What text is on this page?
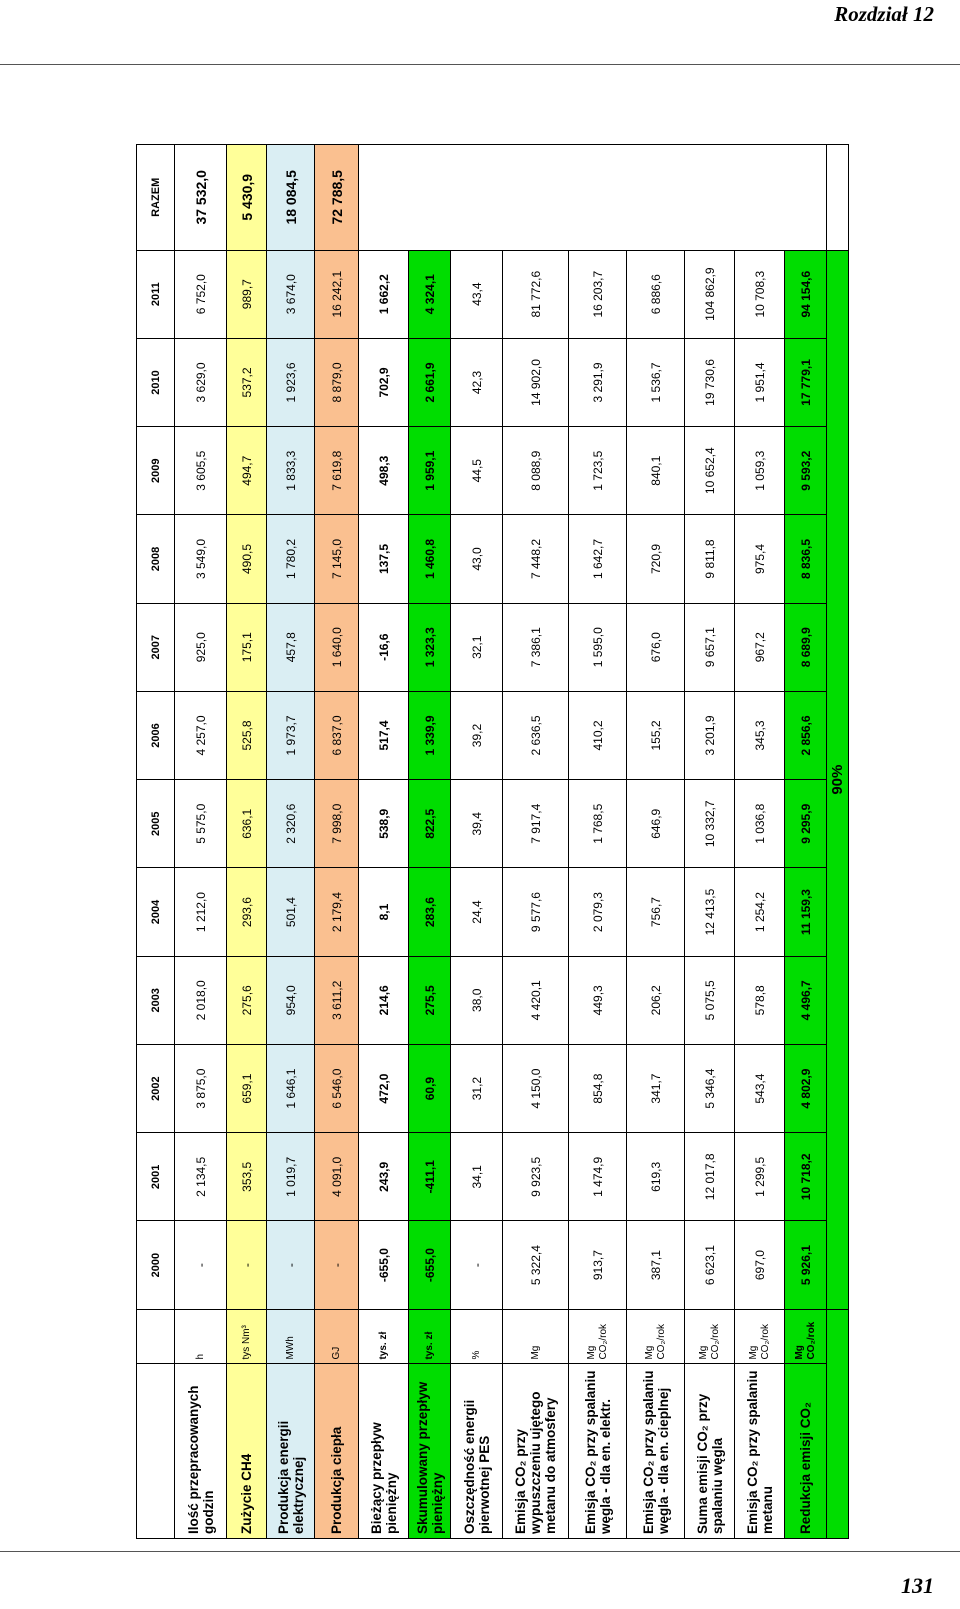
Rozdział 12
		2000	2001	2002	2003	2004	2005	2006	2007	2008	2009	2010	2011	RAZEM
Ilość przepracowanych godzin	h	-	2 134,5	3 875,0	2 018,0	1 212,0	5 575,0	4 257,0	925,0	3 549,0	3 605,5	3 629,0	6 752,0	37 532,0
Zużycie CH4	tys Nm³	-	353,5	659,1	275,6	293,6	636,1	525,8	175,1	490,5	494,7	537,2	989,7	5 430,9
Produkcja energii elektrycznej	MWh	-	1 019,7	1 646,1	954,0	501,4	2 320,6	1 973,7	457,8	1 780,2	1 833,3	1 923,6	3 674,0	18 084,5
Produkcja ciepła	GJ	-	4 091,0	6 546,0	3 611,2	2 179,4	7 998,0	6 837,0	1 640,0	7 145,0	7 619,8	8 879,0	16 242,1	72 788,5
Bieżący przepływ pieniężny	tys. zł	-655,0	243,9	472,0	214,6	8,1	538,9	517,4	-16,6	137,5	498,3	702,9	1 662,2	
Skumulowany przepływ pieniężny	tys. zł	-655,0	-411,1	60,9	275,5	283,6	822,5	1 339,9	1 323,3	1 460,8	1 959,1	2 661,9	4 324,1	
Oszczędność energii pierwotnej PES	%	-	34,1	31,2	38,0	24,4	39,4	39,2	32,1	43,0	44,5	42,3	43,4	
Emisja CO₂ przy wypuszczeniu ujętego metanu do atmosfery	Mg	5 322,4	9 923,5	4 150,0	4 420,1	9 577,6	7 917,4	2 636,5	7 386,1	7 448,2	8 088,9	14 902,0	81 772,6	
Emisja CO₂ przy spalaniu węgla - dla en. elektr.	Mg CO₂/rok	913,7	1 474,9	854,8	449,3	2 079,3	1 768,5	410,2	1 595,0	1 642,7	1 723,5	3 291,9	16 203,7	
Emisja CO₂ przy spalaniu węgla - dla en. cieplnej	Mg CO₂/rok	387,1	619,3	341,7	206,2	756,7	646,9	155,2	676,0	720,9	840,1	1 536,7	6 886,6	
Suma emisji CO₂ przy spalaniu węgla	Mg CO₂/rok	6 623,1	12 017,8	5 346,4	5 075,5	12 413,5	10 332,7	3 201,9	9 657,1	9 811,8	10 652,4	19 730,6	104 862,9	
Emisja CO₂ przy spalaniu metanu	Mg CO₂/rok	697,0	1 299,5	543,4	578,8	1 254,2	1 036,8	345,3	967,2	975,4	1 059,3	1 951,4	10 708,3	
Redukcja emisji CO₂	Mg CO₂/rok	5 926,1	10 718,2	4 802,9	4 496,7	11 159,3	9 295,9	2 856,6	8 689,9	8 836,5	9 593,2	17 779,1	94 154,6	
		90%												
131
